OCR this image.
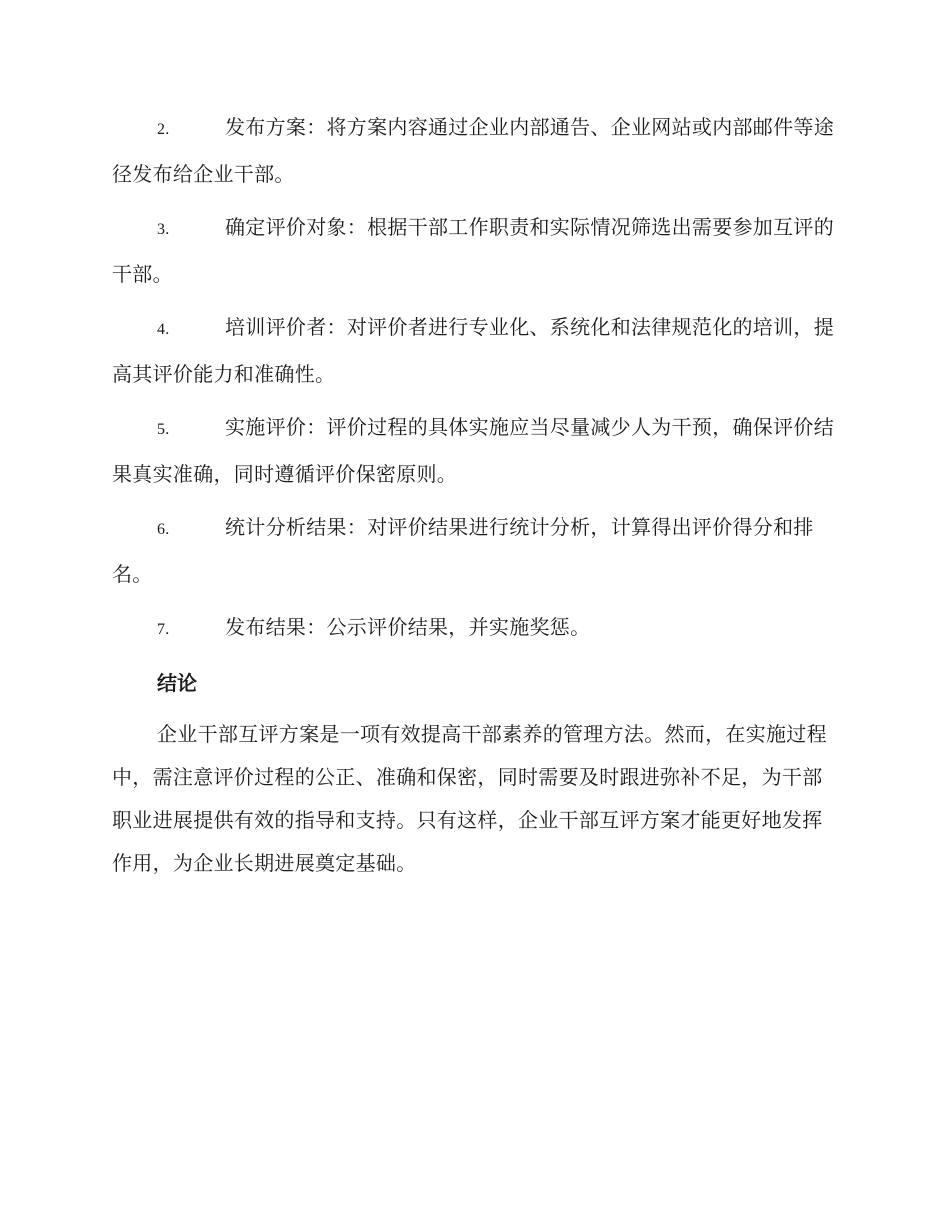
2.	发布方案：将方案内容通过企业内部通告、企业网站或内部邮件等途径发布给企业干部。

3.	确定评价对象：根据干部工作职责和实际情况筛选出需要参加互评的干部。

4.	培训评价者：对评价者进行专业化、系统化和法律规范化的培训，提高其评价能力和准确性。

5.	实施评价：评价过程的具体实施应当尽量减少人为干预，确保评价结果真实准确，同时遵循评价保密原则。

6.	统计分析结果：对评价结果进行统计分析，计算得出评价得分和排名。

7.	发布结果：公示评价结果，并实施奖惩。

结论

企业干部互评方案是一项有效提高干部素养的管理方法。然而，在实施过程中，需注意评价过程的公正、准确和保密，同时需要及时跟进弥补不足，为干部职业进展提供有效的指导和支持。只有这样，企业干部互评方案才能更好地发挥作用，为企业长期进展奠定基础。
